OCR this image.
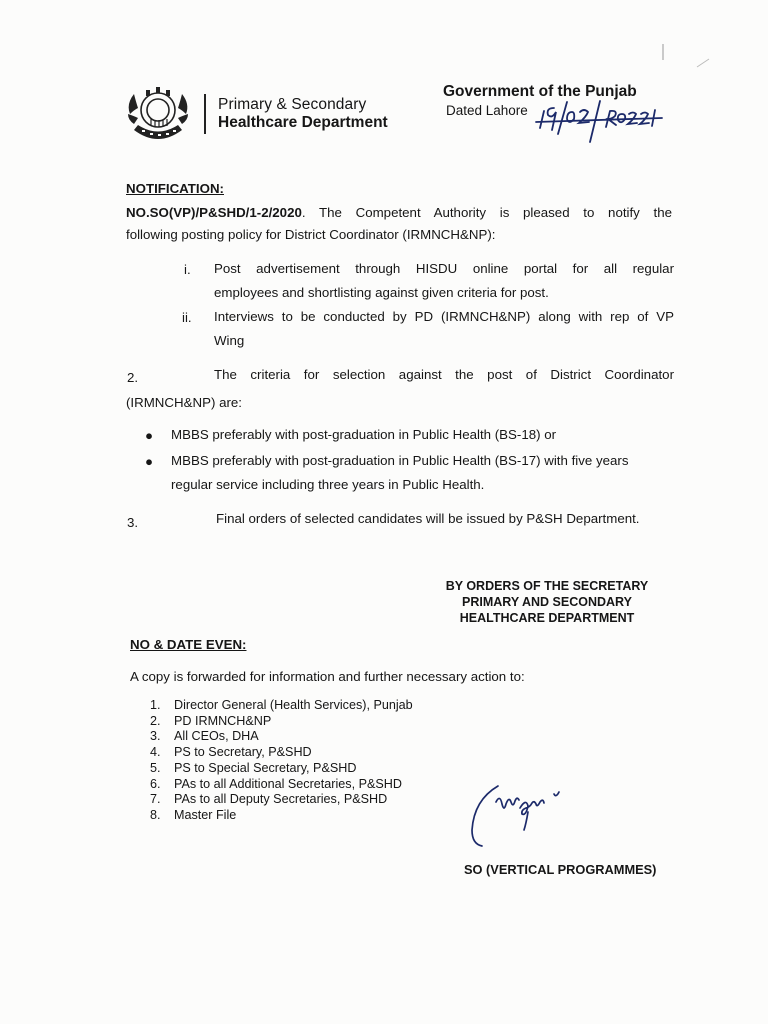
Primary & Secondary
Healthcare Department
Government of the Punjab
Dated Lahore
NOTIFICATION:
NO.SO(VP)/P&SHD/1-2/2020. The Competent Authority is pleased to notify the
following posting policy for District Coordinator (IRMNCH&NP):
i. Post advertisement through HISDU online portal for all regular
employees and shortlisting against given criteria for post.
ii. Interviews to be conducted by PD (IRMNCH&NP) along with rep of VP
Wing
2.	The criteria for selection against the post of District Coordinator
(IRMNCH&NP) are:
● MBBS preferably with post-graduation in Public Health (BS-18) or
● MBBS preferably with post-graduation in Public Health (BS-17) with five years
regular service including three years in Public Health.
3.	Final orders of selected candidates will be issued by P&SH Department.
BY ORDERS OF THE SECRETARY
PRIMARY AND SECONDARY
HEALTHCARE DEPARTMENT
NO & DATE EVEN:
A copy is forwarded for information and further necessary action to:
1.	Director General (Health Services), Punjab
2.	PD IRMNCH&NP
3.	All CEOs, DHA
4.	PS to Secretary, P&SHD
5.	PS to Special Secretary, P&SHD
6.	PAs to all Additional Secretaries, P&SHD
7.	PAs to all Deputy Secretaries, P&SHD
8.	Master File
SO (VERTICAL PROGRAMMES)
